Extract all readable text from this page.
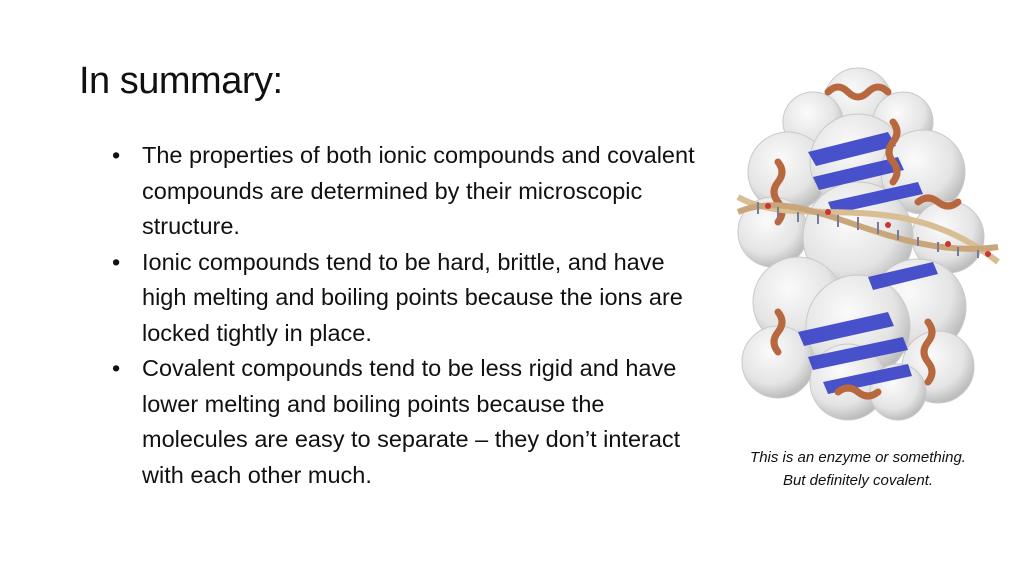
In summary:
• The properties of both ionic compounds and covalent compounds are determined by their microscopic structure.
• Ionic compounds tend to be hard, brittle, and have high melting and boiling points because the ions are locked tightly in place.
• Covalent compounds tend to be less rigid and have lower melting and boiling points because the molecules are easy to separate – they don’t interact with each other much.
This is an enzyme or something.
But definitely covalent.
